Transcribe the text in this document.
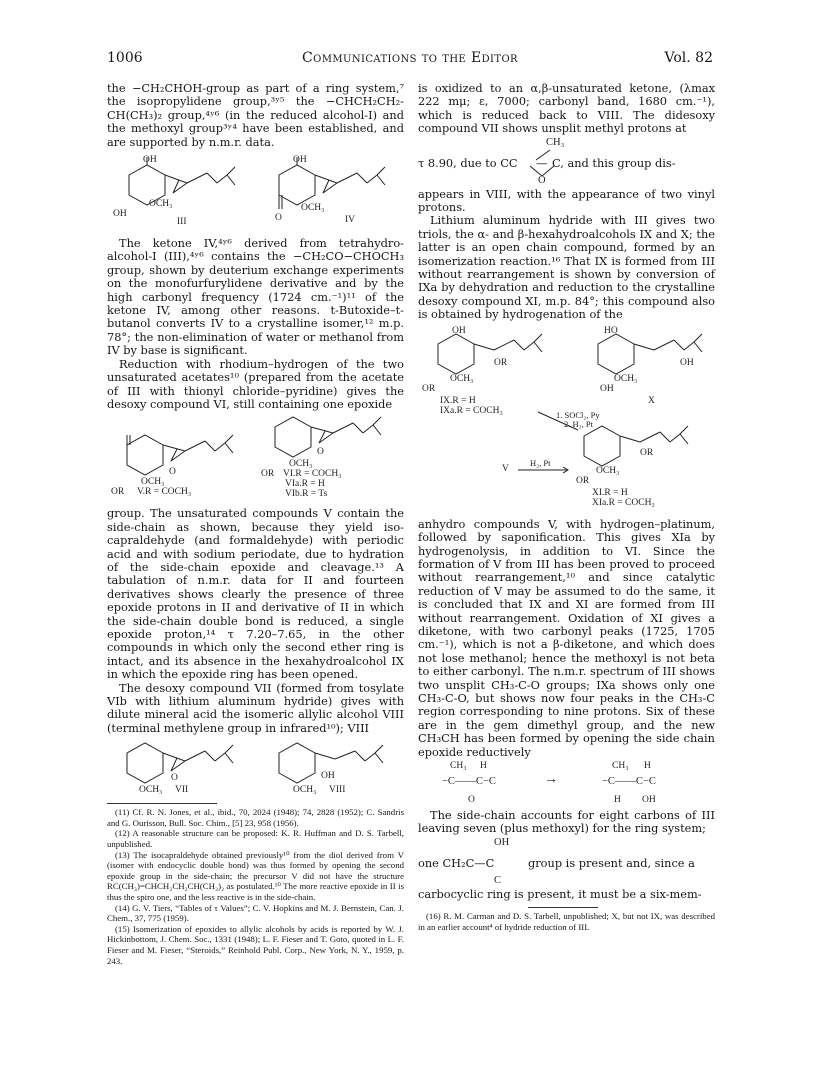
1006	Communications to the Editor	Vol. 82

the −CH₂CHOH-group as part of a ring system,⁷ the isopropylidene group,³ʸ⁵ the −CHCH₂CH₂-CH(CH₃)₂ group,⁴ʸ⁶ (in the reduced alcohol-I) and the methoxyl group³ʸ⁴ have been established, and are supported by n.m.r. data.

OH
OCH₃
OH
III
OH
O
OCH₃
IV

The ketone IV,⁴ʸ⁶ derived from tetrahydro-alcohol-I (III),⁴ʸ⁶ contains the −CH₂CO−CHOCH₃ group, shown by deuterium exchange experiments on the monofurfurylidene derivative and by the high carbonyl frequency (1724 cm.⁻¹)¹¹ of the ketone IV, among other reasons. t-Butoxide–t-butanol converts IV to a crystalline isomer,¹² m.p. 78°; the non-elimination of water or methanol from IV by base is significant.

Reduction with rhodium–hydrogen of the two unsaturated acetates¹⁰ (prepared from the acetate of III with thionyl chloride–pyridine) gives the desoxy compound VI, still containing one epoxide

O
OCH₃
OR V.R = COCH₃
OCH₃
O
OR VI.R = COCH₃
VIa.R = H
VIb.R = Ts

group. The unsaturated compounds V contain the side-chain as shown, because they yield iso-capraldehyde (and formaldehyde) with periodic acid and with sodium periodate, due to hydration of the side-chain epoxide and cleavage.¹³ A tabulation of n.m.r. data for II and fourteen derivatives shows clearly the presence of three epoxide protons in II and derivative of II in which the side-chain double bond is reduced, a single epoxide proton,¹⁴ τ 7.20–7.65, in the other compounds in which only the second ether ring is intact, and its absence in the hexahydroalcohol IX in which the epoxide ring has been opened.

The desoxy compound VII (formed from tosylate VIb with lithium aluminum hydride) gives with dilute mineral acid the isomeric allylic alcohol VIII (terminal methylene group in infrared¹⁰); VIII

O
OCH₃ VII
OH
OCH₃ VIII

(11) Cf. R. N. Jones, et al., ibid., 70, 2024 (1948); 74, 2828 (1952); C. Sandris and G. Ourisson, Bull. Soc. Chim., [5] 23, 958 (1956).

(12) A reasonable structure can be proposed: K. R. Huffman and D. S. Tarbell, unpublished.

(13) The isocapraldehyde obtained previously¹⁰ from the diol derived from V (isomer with endocyclic double bond) was thus formed by opening the second epoxide group in the side-chain; the precursor V did not have the structure RC(CH₃)=CHCH₂CH₂CH(CH₃)₂ as postulated.¹⁰ The more reactive epoxide in II is thus the spiro one, and the less reactive is in the side-chain.

(14) G. V. Tiers, “Tables of τ Values”; C. V. Hopkins and M. J. Bernstein, Can. J. Chem., 37, 775 (1959).

(15) Isomerization of epoxides to allylic alcohols by acids is reported by W. J. Hickinbottom, J. Chem. Soc., 1331 (1948); L. F. Fieser and T. Goto, quoted in L. F. Fieser and M. Fieser, “Steroids,” Reinhold Publ. Corp., New York, N. Y., 1959, p. 243.

is oxidized to an α,β-unsaturated ketone, (λmax 222 mμ; ε, 7000; carbonyl band, 1680 cm.⁻¹), which is reduced back to VIII. The didesoxy compound VII shows unsplit methyl protons at

CH₃
τ 8.90, due to CC — C, and this group dis-
O

appears in VIII, with the appearance of two vinyl protons.

Lithium aluminum hydride with III gives two triols, the α- and β-hexahydroalcohols IX and X; the latter is an open chain compound, formed by an isomerization reaction.¹⁶ That IX is formed from III without rearrangement is shown by conversion of IXa by dehydration and reduction to the crystalline desoxy compound XI, m.p. 84°; this compound also is obtained by hydrogenation of the

OH
OR
OCH₃
OR
IX.R = H
IXa.R = COCH₃
HO
OH
OCH₃
OH
X
1. SOCl₂, Py
2. H₂, Pt
V
H₂, Pt
OR
OCH₃
OR
XI.R = H
XIa.R = COCH₃

anhydro compounds V, with hydrogen–platinum, followed by saponification. This gives XIa by hydrogenolysis, in addition to VI. Since the formation of V from III has been proved to proceed without rearrangement,¹⁰ and since catalytic reduction of V may be assumed to do the same, it is concluded that IX and XI are formed from III without rearrangement. Oxidation of XI gives a diketone, with two carbonyl peaks (1725, 1705 cm.⁻¹), which is not a β-diketone, and which does not lose methanol; hence the methoxyl is not beta to either carbonyl. The n.m.r. spectrum of III shows two unsplit CH₃-C-O groups; IXa shows only one CH₃-C-O, but shows now four peaks in the CH₃-C region corresponding to nine protons. Six of these are in the gem dimethyl group, and the new CH₃CH has been formed by opening the side chain epoxide reductively

CH₃ H
−C——C−C
O
→
CH₃ H
−C——C−C
H OH

The side-chain accounts for eight carbons of III leaving seven (plus methoxyl) for the ring system;

OH
one CH₂C—C	group is present and, since a
C

carbocyclic ring is present, it must be a six-mem-

(16) R. M. Carman and D. S. Tarbell, unpublished; X, but not IX, was described in an earlier account⁴ of hydride reduction of III.
